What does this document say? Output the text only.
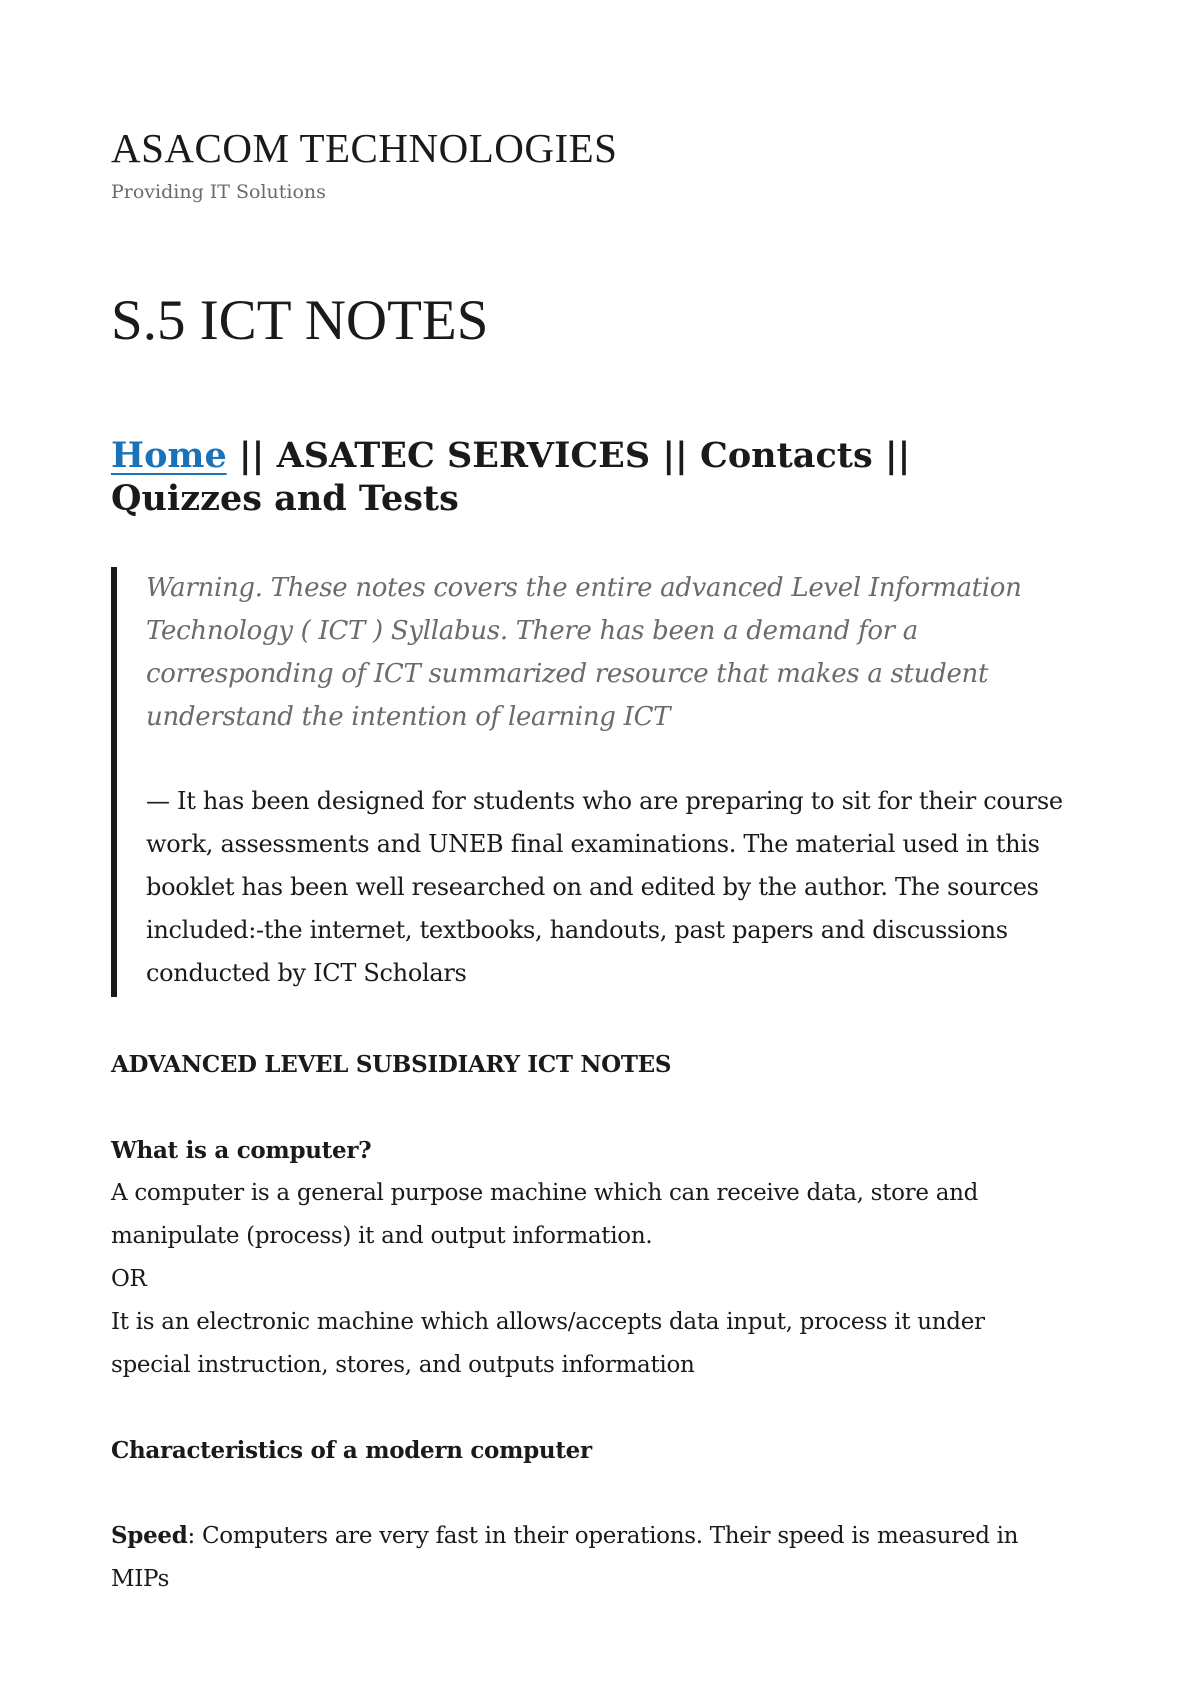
ASACOM TECHNOLOGIES
Providing IT Solutions
S.5 ICT NOTES
Home || ASATEC SERVICES || Contacts || Quizzes and Tests

Warning. These notes covers the entire advanced Level Information Technology ( ICT ) Syllabus. There has been a demand for a corresponding of ICT summarized resource that makes a student understand the intention of learning ICT

— It has been designed for students who are preparing to sit for their course work, assessments and UNEB final examinations. The material used in this booklet has been well researched on and edited by the author. The sources included:-the internet, textbooks, handouts, past papers and discussions conducted by ICT Scholars

ADVANCED LEVEL SUBSIDIARY ICT NOTES

What is a computer?

A computer is a general purpose machine which can receive data, store and manipulate (process) it and output information.

OR

It is an electronic machine which allows/accepts data input, process it under special instruction, stores, and outputs information

Characteristics of a modern computer
Speed: Computers are very fast in their operations. Their speed is measured in MIPs
